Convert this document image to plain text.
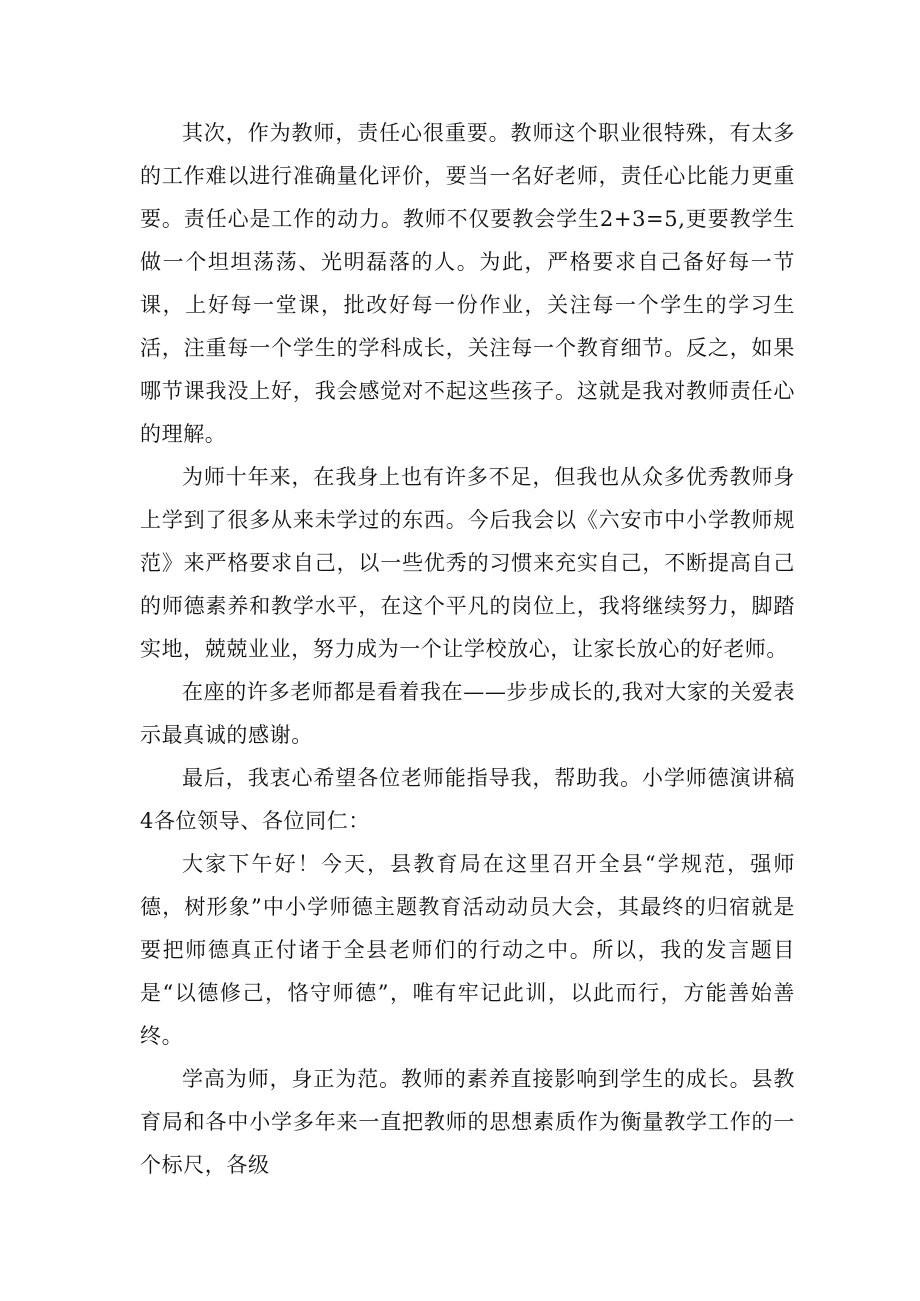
其次，作为教师，责任心很重要。教师这个职业很特殊，有太多的工作难以进行准确量化评价，要当一名好老师，责任心比能力更重要。责任心是工作的动力。教师不仅要教会学生2+3=5,更要教学生做一个坦坦荡荡、光明磊落的人。为此，严格要求自己备好每一节课，上好每一堂课，批改好每一份作业，关注每一个学生的学习生活，注重每一个学生的学科成长，关注每一个教育细节。反之，如果哪节课我没上好，我会感觉对不起这些孩子。这就是我对教师责任心的理解。

为师十年来，在我身上也有许多不足，但我也从众多优秀教师身上学到了很多从来未学过的东西。今后我会以《六安市中小学教师规范》来严格要求自己，以一些优秀的习惯来充实自己，不断提高自己的师德素养和教学水平，在这个平凡的岗位上，我将继续努力，脚踏实地，兢兢业业，努力成为一个让学校放心，让家长放心的好老师。

在座的许多老师都是看着我在——步步成长的,我对大家的关爱表示最真诚的感谢。

最后，我衷心希望各位老师能指导我，帮助我。小学师德演讲稿4各位领导、各位同仁：

大家下午好！今天，县教育局在这里召开全县“学规范，强师德，树形象”中小学师德主题教育活动动员大会，其最终的归宿就是要把师德真正付诸于全县老师们的行动之中。所以，我的发言题目是“以德修己，恪守师德”，唯有牢记此训，以此而行，方能善始善终。

学高为师，身正为范。教师的素养直接影响到学生的成长。县教育局和各中小学多年来一直把教师的思想素质作为衡量教学工作的一个标尺，各级
